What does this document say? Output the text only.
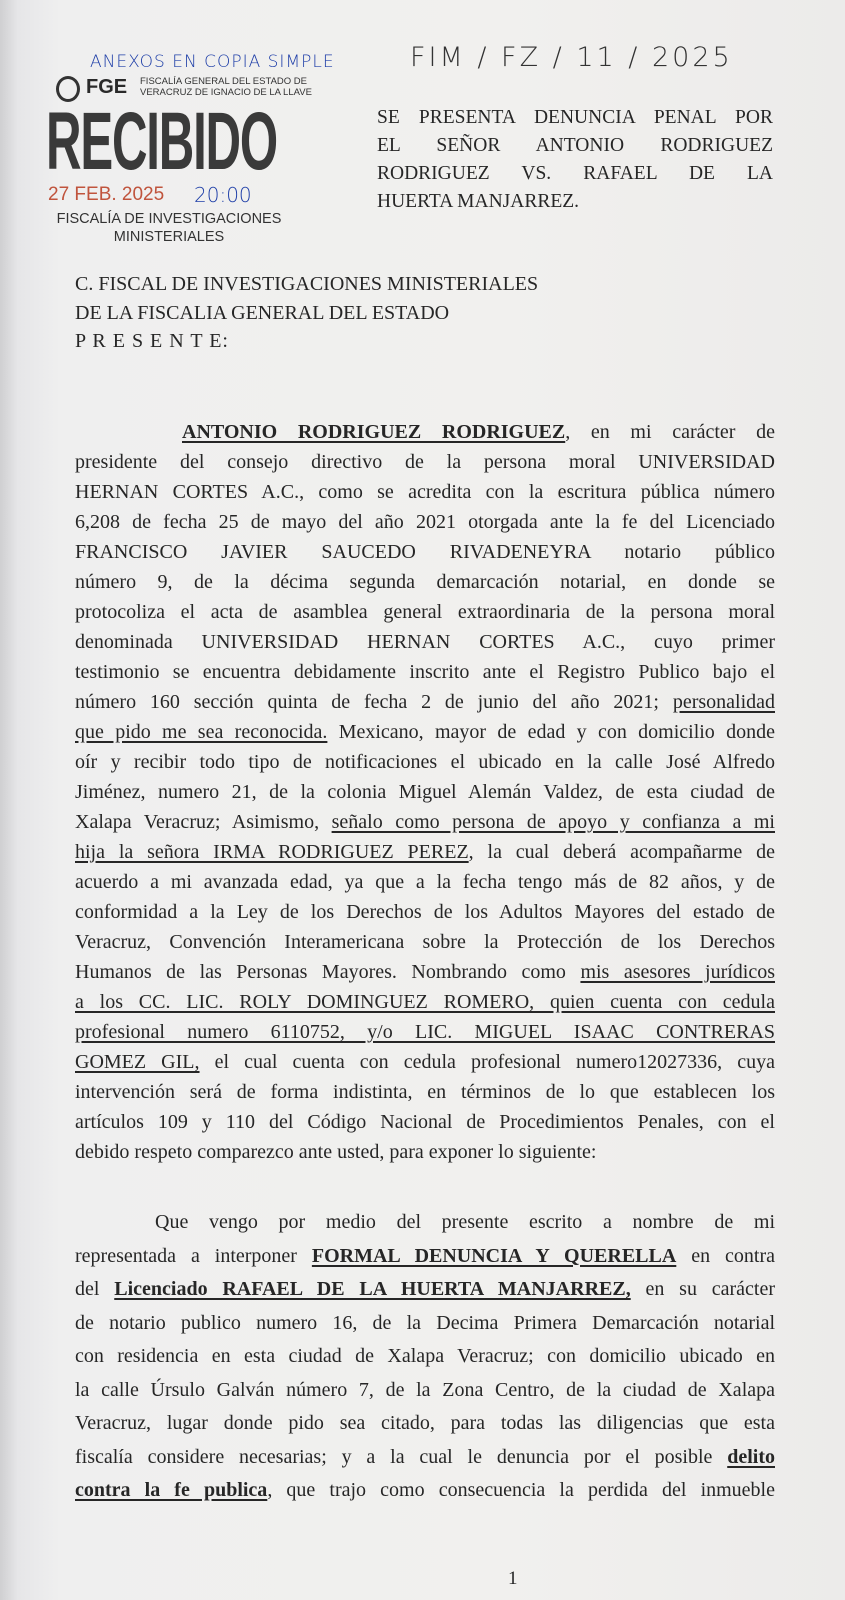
FIM / FZ / 11 / 2025
ANEXOS EN COPIA SIMPLE
FGE FISCALÍA GENERAL DEL ESTADO DE
VERACRUZ DE IGNACIO DE LA LLAVE
RECIBIDO
27 FEB. 2025 20:00
FISCALÍA DE INVESTIGACIONES
MINISTERIALES
SE PRESENTA DENUNCIA PENAL POR
EL SEÑOR ANTONIO RODRIGUEZ
RODRIGUEZ VS. RAFAEL DE LA
HUERTA MANJARREZ.
C. FISCAL DE INVESTIGACIONES MINISTERIALES
DE LA FISCALIA GENERAL DEL ESTADO
P R E S E N T E:
ANTONIO RODRIGUEZ RODRIGUEZ, en mi carácter de
presidente del consejo directivo de la persona moral UNIVERSIDAD
HERNAN CORTES A.C., como se acredita con la escritura pública número
6,208 de fecha 25 de mayo del año 2021 otorgada ante la fe del Licenciado
FRANCISCO JAVIER SAUCEDO RIVADENEYRA notario público
número 9, de la décima segunda demarcación notarial, en donde se
protocoliza el acta de asamblea general extraordinaria de la persona moral
denominada UNIVERSIDAD HERNAN CORTES A.C., cuyo primer
testimonio se encuentra debidamente inscrito ante el Registro Publico bajo el
número 160 sección quinta de fecha 2 de junio del año 2021; personalidad
que pido me sea reconocida. Mexicano, mayor de edad y con domicilio donde
oír y recibir todo tipo de notificaciones el ubicado en la calle José Alfredo
Jiménez, numero 21, de la colonia Miguel Alemán Valdez, de esta ciudad de
Xalapa Veracruz; Asimismo, señalo como persona de apoyo y confianza a mi
hija la señora IRMA RODRIGUEZ PEREZ, la cual deberá acompañarme de
acuerdo a mi avanzada edad, ya que a la fecha tengo más de 82 años, y de
conformidad a la Ley de los Derechos de los Adultos Mayores del estado de
Veracruz, Convención Interamericana sobre la Protección de los Derechos
Humanos de las Personas Mayores. Nombrando como mis asesores jurídicos
a los CC. LIC. ROLY DOMINGUEZ ROMERO, quien cuenta con cedula
profesional numero 6110752, y/o LIC. MIGUEL ISAAC CONTRERAS
GOMEZ GIL, el cual cuenta con cedula profesional numero12027336, cuya
intervención será de forma indistinta, en términos de lo que establecen los
artículos 109 y 110 del Código Nacional de Procedimientos Penales, con el
debido respeto comparezco ante usted, para exponer lo siguiente:
Que vengo por medio del presente escrito a nombre de mi
representada a interponer FORMAL DENUNCIA Y QUERELLA en contra
del Licenciado RAFAEL DE LA HUERTA MANJARREZ, en su carácter
de notario publico numero 16, de la Decima Primera Demarcación notarial
con residencia en esta ciudad de Xalapa Veracruz; con domicilio ubicado en
la calle Úrsulo Galván número 7, de la Zona Centro, de la ciudad de Xalapa
Veracruz, lugar donde pido sea citado, para todas las diligencias que esta
fiscalía considere necesarias; y a la cual le denuncia por el posible delito
contra la fe publica, que trajo como consecuencia la perdida del inmueble
1
